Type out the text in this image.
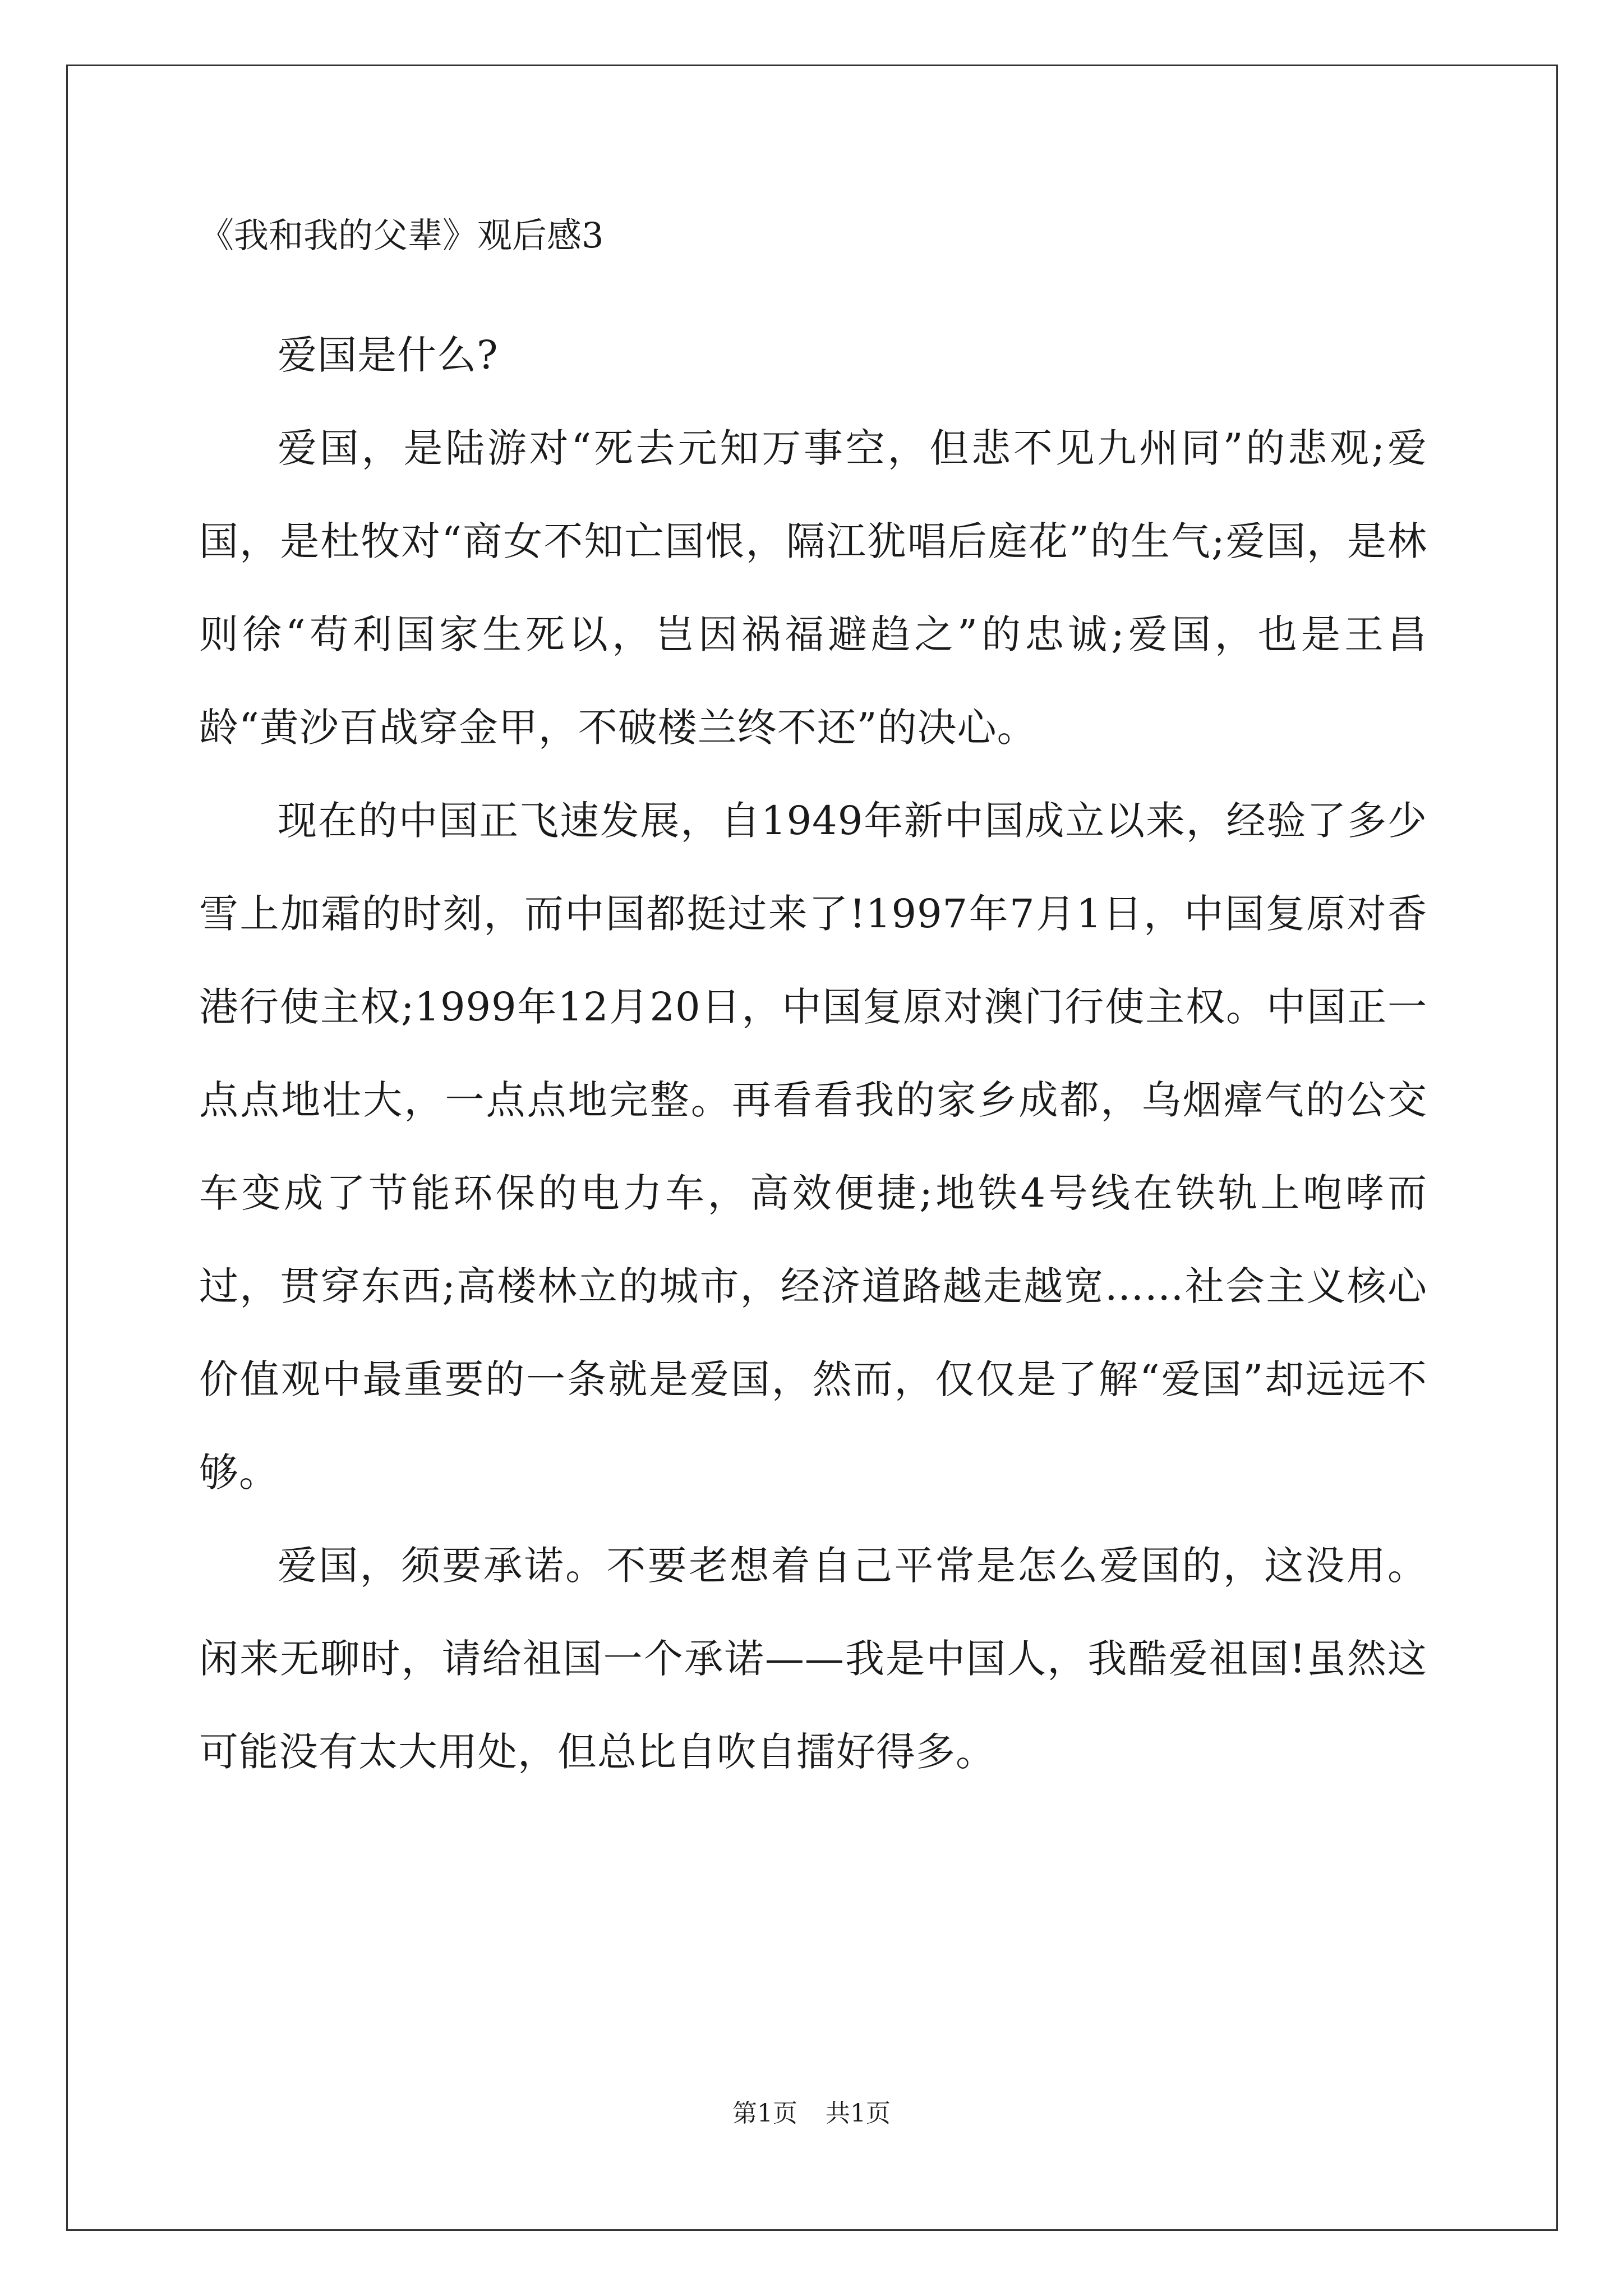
《我和我的父辈》观后感3

爱国是什么?

爱国，是陆游对“死去元知万事空，但悲不见九州同”的悲观;爱国，是杜牧对“商女不知亡国恨，隔江犹唱后庭花”的生气;爱国，是林则徐“苟利国家生死以，岂因祸福避趋之”的忠诚;爱国，也是王昌龄“黄沙百战穿金甲，不破楼兰终不还”的决心。

现在的中国正飞速发展，自1949年新中国成立以来，经验了多少雪上加霜的时刻，而中国都挺过来了!1997年7月1日，中国复原对香港行使主权;1999年12月20日，中国复原对澳门行使主权。中国正一点点地壮大，一点点地完整。再看看我的家乡成都，乌烟瘴气的公交车变成了节能环保的电力车，高效便捷;地铁4号线在铁轨上咆哮而过，贯穿东西;高楼林立的城市，经济道路越走越宽……社会主义核心价值观中最重要的一条就是爱国，然而，仅仅是了解“爱国”却远远不够。

爱国，须要承诺。不要老想着自己平常是怎么爱国的，这没用。闲来无聊时，请给祖国一个承诺——我是中国人，我酷爱祖国!虽然这可能没有太大用处，但总比自吹自擂好得多。

第1页 共1页
